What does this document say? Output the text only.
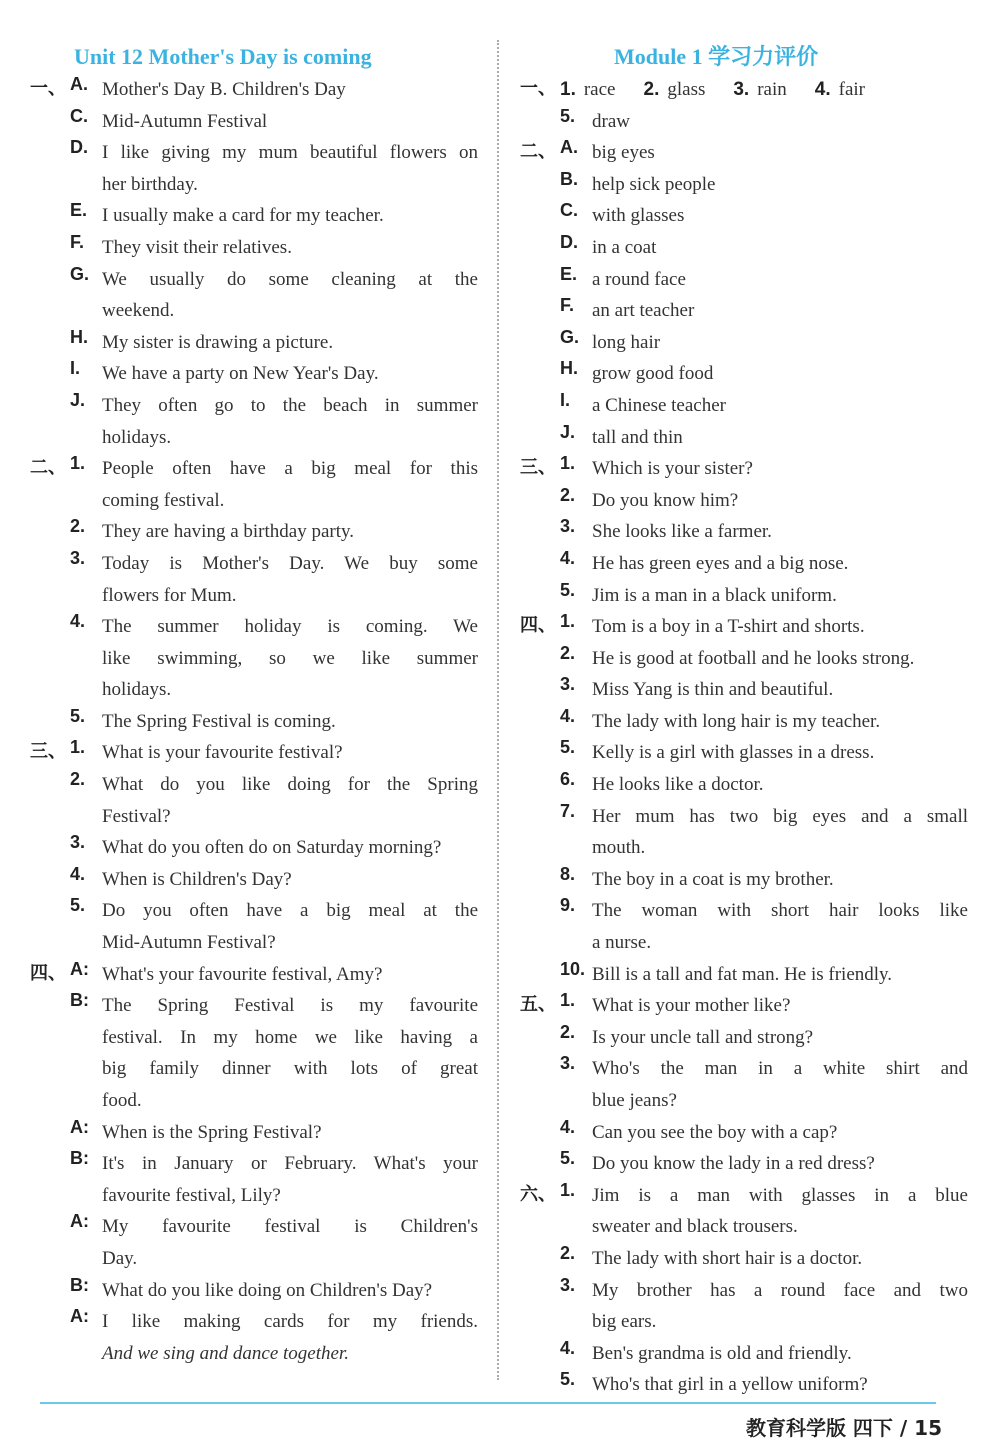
Unit 12 Mother's Day is coming
一、 A. Mother's Day B. Children's Day
C. Mid-Autumn Festival
D. I like giving my mum beautiful flowers on
her birthday.
E. I usually make a card for my teacher.
F. They visit their relatives.
G. We usually do some cleaning at the
weekend.
H. My sister is drawing a picture.
I.	We have a party on New Year's Day.
J. They often go to the beach in summer
holidays.
二、 1. People often have a big meal for this
coming festival.
2. They are having a birthday party.
3. Today is Mother's Day. We buy some
flowers for Mum.
4. The summer holiday is coming. We
like swimming, so we like summer
holidays.
5. The Spring Festival is coming.
三、 1. What is your favourite festival?
2. What do you like doing for the Spring
Festival?
3. What do you often do on Saturday morning?
4. When is Children's Day?
5. Do you often have a big meal at the
Mid-Autumn Festival?
四、 A: What's your favourite festival, Amy?
B: The Spring Festival is my favourite
festival. In my home we like having a
big family dinner with lots of great
food.
A: When is the Spring Festival?
B: It's in January or February. What's your
favourite festival, Lily?
A: My favourite festival is Children's
Day.
B: What do you like doing on Children's Day?
A: I like making cards for my friends.
And we sing and dance together.
Module 1 学习力评价
一、 1. race 2. glass 3. rain 4. fair
5. draw
二、 A. big eyes
B. help sick people
C. with glasses
D. in a coat
E. a round face
F. an art teacher
G. long hair
H. grow good food
I.	a Chinese teacher
J. tall and thin
三、 1. Which is your sister?
2. Do you know him?
3. She looks like a farmer.
4. He has green eyes and a big nose.
5. Jim is a man in a black uniform.
四、 1. Tom is a boy in a T-shirt and shorts.
2. He is good at football and he looks strong.
3. Miss Yang is thin and beautiful.
4. The lady with long hair is my teacher.
5. Kelly is a girl with glasses in a dress.
6. He looks like a doctor.
7. Her mum has two big eyes and a small
mouth.
8. The boy in a coat is my brother.
9. The woman with short hair looks like
a nurse.
10. Bill is a tall and fat man. He is friendly.
五、 1. What is your mother like?
2. Is your uncle tall and strong?
3. Who's the man in a white shirt and
blue jeans?
4. Can you see the boy with a cap?
5. Do you know the lady in a red dress?
六、 1. Jim is a man with glasses in a blue
sweater and black trousers.
2. The lady with short hair is a doctor.
3. My brother has a round face and two
big ears.
4. Ben's grandma is old and friendly.
5. Who's that girl in a yellow uniform?
教育科学版 四下 / 15
